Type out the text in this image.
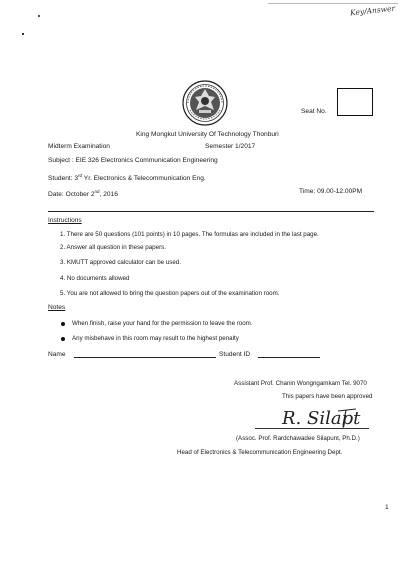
Key/Answer
Seat No.
King Mongkut University Of Technology Thonburi
Midterm Examination	Semester 1/2017
Subject : EIE 326 Electronics Communication Engineering
Student: 3rd Yr. Electronics & Telecommunication Eng.
Date: October 2nd, 2016	Time: 09.00-12.00PM
Instructions
1. There are 50 questions (101 points) in 10 pages. The formulas are included in the last page.
2. Answer all question in these papers.
3. KMUTT approved calculator can be used.
4. No documents allowed
5. You are not allowed to bring the question papers out of the examination room.
Notes
When finish, raise your hand for the permission to leave the room.
Any misbehave in this room may result to the highest penalty
Name	Student ID
Assistant Prof. Chanin Wongngamkam Tel. 9070
This papers have been approved
R. Silapt
(Assoc. Prof. Rardchawadee Silapunt, Ph.D.)
Head of Electronics & Telecommunication Engineering Dept.
1
